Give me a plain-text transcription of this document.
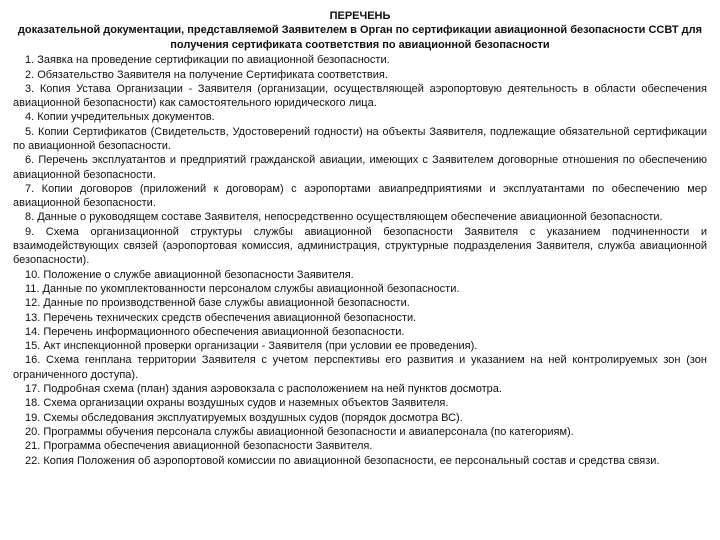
ПЕРЕЧЕНЬ
доказательной документации, представляемой Заявителем в Орган по сертификации авиационной безопасности ССВТ для получения сертификата соответствия по авиационной безопасности
1. Заявка на проведение сертификации по авиационной безопасности.
2. Обязательство Заявителя на получение Сертификата соответствия.
3. Копия Устава Организации - Заявителя (организации, осуществляющей аэропортовую деятельность в области обеспечения авиационной безопасности) как самостоятельного юридического лица.
4. Копии учредительных документов.
5. Копии Сертификатов (Свидетельств, Удостоверений годности) на объекты Заявителя, подлежащие обязательной сертификации по авиационной безопасности.
6. Перечень эксплуатантов и предприятий гражданской авиации, имеющих с Заявителем договорные отношения по обеспечению авиационной безопасности.
7. Копии договоров (приложений к договорам) с аэропортами авиапредприятиями и эксплуатантами по обеспечению мер авиационной безопасности.
8. Данные о руководящем составе Заявителя, непосредственно осуществляющем обеспечение авиационной безопасности.
9. Схема организационной структуры службы авиационной безопасности Заявителя с указанием подчиненности и взаимодействующих связей (аэропортовая комиссия, администрация, структурные подразделения Заявителя, служба авиационной безопасности).
10. Положение о службе авиационной безопасности Заявителя.
11. Данные по укомплектованности персоналом службы авиационной безопасности.
12. Данные по производственной базе службы авиационной безопасности.
13. Перечень технических средств обеспечения авиационной безопасности.
14. Перечень информационного обеспечения авиационной безопасности.
15. Акт инспекционной проверки организации - Заявителя (при условии ее проведения).
16. Схема генплана территории Заявителя с учетом перспективы его развития и указанием на ней контролируемых зон (зон ограниченного доступа).
17. Подробная схема (план) здания аэровокзала с расположением на ней пунктов досмотра.
18. Схема организации охраны воздушных судов и наземных объектов Заявителя.
19. Схемы обследования эксплуатируемых воздушных судов (порядок досмотра ВС).
20. Программы обучения персонала службы авиационной безопасности и авиаперсонала (по категориям).
21. Программа обеспечения авиационной безопасности Заявителя.
22. Копия Положения об аэропортовой комиссии по авиационной безопасности, ее персональный состав и средства связи.
